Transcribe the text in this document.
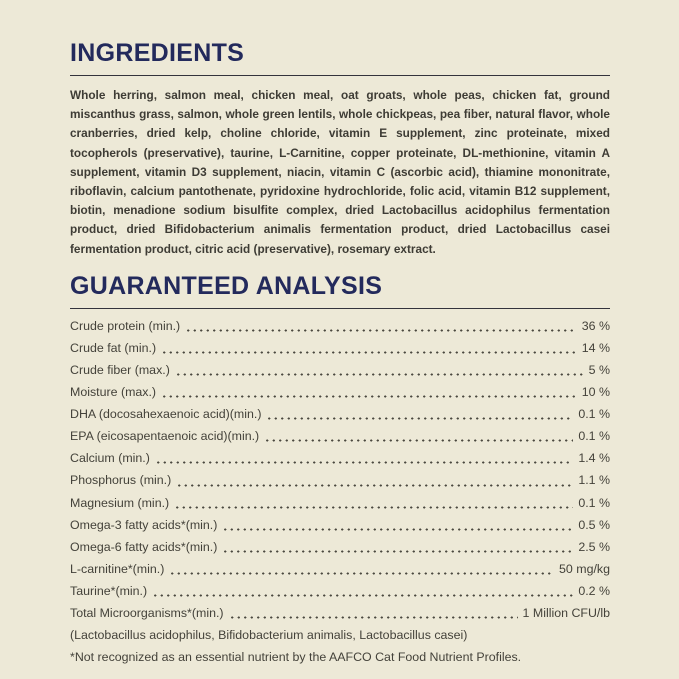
INGREDIENTS

Whole herring, salmon meal, chicken meal, oat groats, whole peas, chicken fat, ground miscanthus grass, salmon, whole green lentils, whole chickpeas, pea fiber, natural flavor, whole cranberries, dried kelp, choline chloride, vitamin E supplement, zinc proteinate, mixed tocopherols (preservative), taurine, L-Carnitine, copper proteinate, DL-methionine, vitamin A supplement, vitamin D3 supplement, niacin, vitamin C (ascorbic acid), thiamine mononitrate, riboflavin, calcium pantothenate, pyridoxine hydrochloride, folic acid, vitamin B12 supplement, biotin, menadione sodium bisulfite complex, dried Lactobacillus acidophilus fermentation product, dried Bifidobacterium animalis fermentation product, dried Lactobacillus casei fermentation product, citric acid (preservative), rosemary extract.

GUARANTEED ANALYSIS
Crude protein (min.)	36 %
Crude fat (min.)	14 %
Crude fiber (max.)	5 %
Moisture (max.)	10 %
DHA (docosahexaenoic acid)(min.)	0.1 %
EPA (eicosapentaenoic acid)(min.)	0.1 %
Calcium (min.)	1.4 %
Phosphorus (min.)	1.1 %
Magnesium (min.)	0.1 %
Omega-3 fatty acids*(min.)	0.5 %
Omega-6 fatty acids*(min.)	2.5 %
L-carnitine*(min.)	50 mg/kg
Taurine*(min.)	0.2 %
Total Microorganisms*(min.)	1 Million CFU/lb
(Lactobacillus acidophilus, Bifidobacterium animalis, Lactobacillus casei)
*Not recognized as an essential nutrient by the AAFCO Cat Food Nutrient Profiles.
